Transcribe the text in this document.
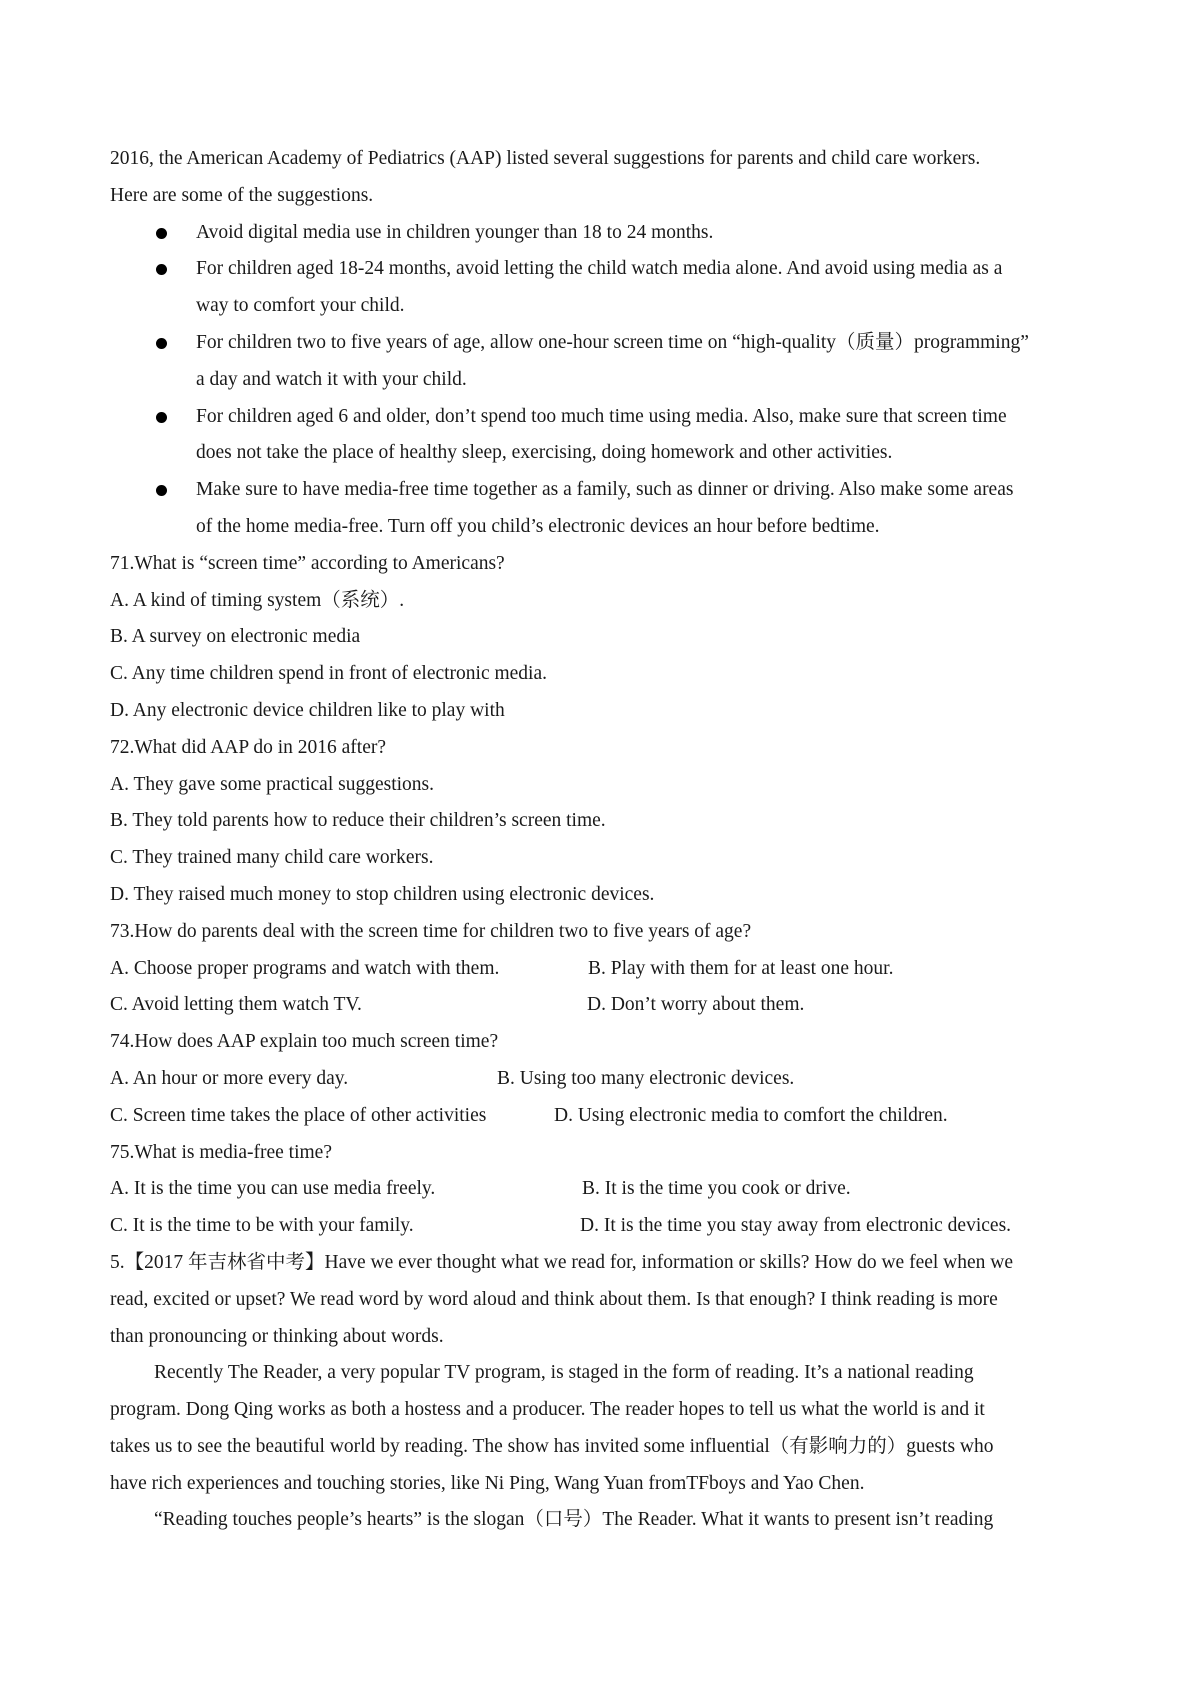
2016, the American Academy of Pediatrics (AAP) listed several suggestions for parents and child care workers.
Here are some of the suggestions.
Avoid digital media use in children younger than 18 to 24 months.
For children aged 18-24 months, avoid letting the child watch media alone. And avoid using media as a
way to comfort your child.
For children two to five years of age, allow one-hour screen time on “high-quality（质量）programming”
a day and watch it with your child.
For children aged 6 and older, don’t spend too much time using media. Also, make sure that screen time
does not take the place of healthy sleep, exercising, doing homework and other activities.
Make sure to have media-free time together as a family, such as dinner or driving. Also make some areas
of the home media-free. Turn off you child’s electronic devices an hour before bedtime.
71.What is “screen time” according to Americans?
A. A kind of timing system（系统）.
B. A survey on electronic media
C. Any time children spend in front of electronic media.
D. Any electronic device children like to play with
72.What did AAP do in 2016 after?
A. They gave some practical suggestions.
B. They told parents how to reduce their children’s screen time.
C. They trained many child care workers.
D. They raised much money to stop children using electronic devices.
73.How do parents deal with the screen time for children two to five years of age?
A. Choose proper programs and watch with them.	B. Play with them for at least one hour.
C. Avoid letting them watch TV.	D. Don’t worry about them.
74.How does AAP explain too much screen time?
A. An hour or more every day.	B. Using too many electronic devices.
C. Screen time takes the place of other activities	D. Using electronic media to comfort the children.
75.What is media-free time?
A. It is the time you can use media freely.	B. It is the time you cook or drive.
C. It is the time to be with your family.	D. It is the time you stay away from electronic devices.
5.【2017 年吉林省中考】Have we ever thought what we read for, information or skills? How do we feel when we
read, excited or upset? We read word by word aloud and think about them. Is that enough? I think reading is more
than pronouncing or thinking about words.
Recently The Reader, a very popular TV program, is staged in the form of reading. It’s a national reading
program. Dong Qing works as both a hostess and a producer. The reader hopes to tell us what the world is and it
takes us to see the beautiful world by reading. The show has invited some influential（有影响力的）guests who
have rich experiences and touching stories, like Ni Ping, Wang Yuan fromTFboys and Yao Chen.
“Reading touches people’s hearts” is the slogan（口号）The Reader. What it wants to present isn’t reading
